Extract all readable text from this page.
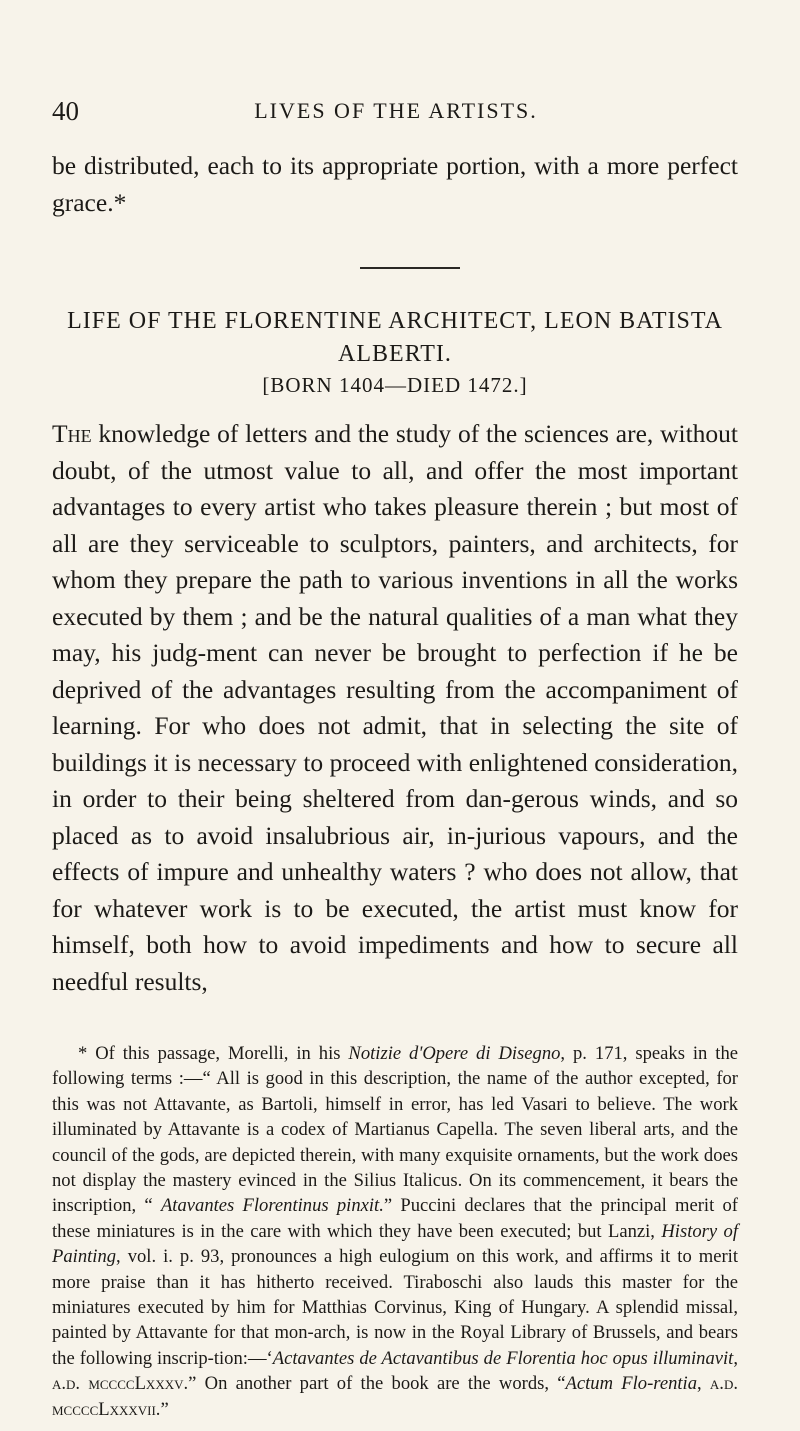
40	LIVES OF THE ARTISTS.

be distributed, each to its appropriate portion, with a more perfect grace.*

LIFE OF THE FLORENTINE ARCHITECT, LEON BATISTA
ALBERTI.

[BORN 1404—DIED 1472.]

The knowledge of letters and the study of the sciences are, without doubt, of the utmost value to all, and offer the most important advantages to every artist who takes pleasure therein ; but most of all are they serviceable to sculptors, painters, and architects, for whom they prepare the path to various inventions in all the works executed by them ; and be the natural qualities of a man what they may, his judg-ment can never be brought to perfection if he be deprived of the advantages resulting from the accompaniment of learning. For who does not admit, that in selecting the site of buildings it is necessary to proceed with enlightened consideration, in order to their being sheltered from dan-gerous winds, and so placed as to avoid insalubrious air, in-jurious vapours, and the effects of impure and unhealthy waters ? who does not allow, that for whatever work is to be executed, the artist must know for himself, both how to avoid impediments and how to secure all needful results,

* Of this passage, Morelli, in his Notizie d'Opere di Disegno, p. 171, speaks in the following terms :—“ All is good in this description, the name of the author excepted, for this was not Attavante, as Bartoli, himself in error, has led Vasari to believe. The work illuminated by Attavante is a codex of Martianus Capella. The seven liberal arts, and the council of the gods, are depicted therein, with many exquisite ornaments, but the work does not display the mastery evinced in the Silius Italicus. On its commencement, it bears the inscription, “ Atavantes Florentinus pinxit.” Puccini declares that the principal merit of these miniatures is in the care with which they have been executed; but Lanzi, History of Painting, vol. i. p. 93, pronounces a high eulogium on this work, and affirms it to merit more praise than it has hitherto received. Tiraboschi also lauds this master for the miniatures executed by him for Matthias Corvinus, King of Hungary. A splendid missal, painted by Attavante for that mon-arch, is now in the Royal Library of Brussels, and bears the following inscrip-tion:—‘Actavantes de Actavantibus de Florentia hoc opus illuminavit, a.d. mccccLxxxv.” On another part of the book are the words, “Actum Flo-rentia, a.d. mccccLxxxvii.”
